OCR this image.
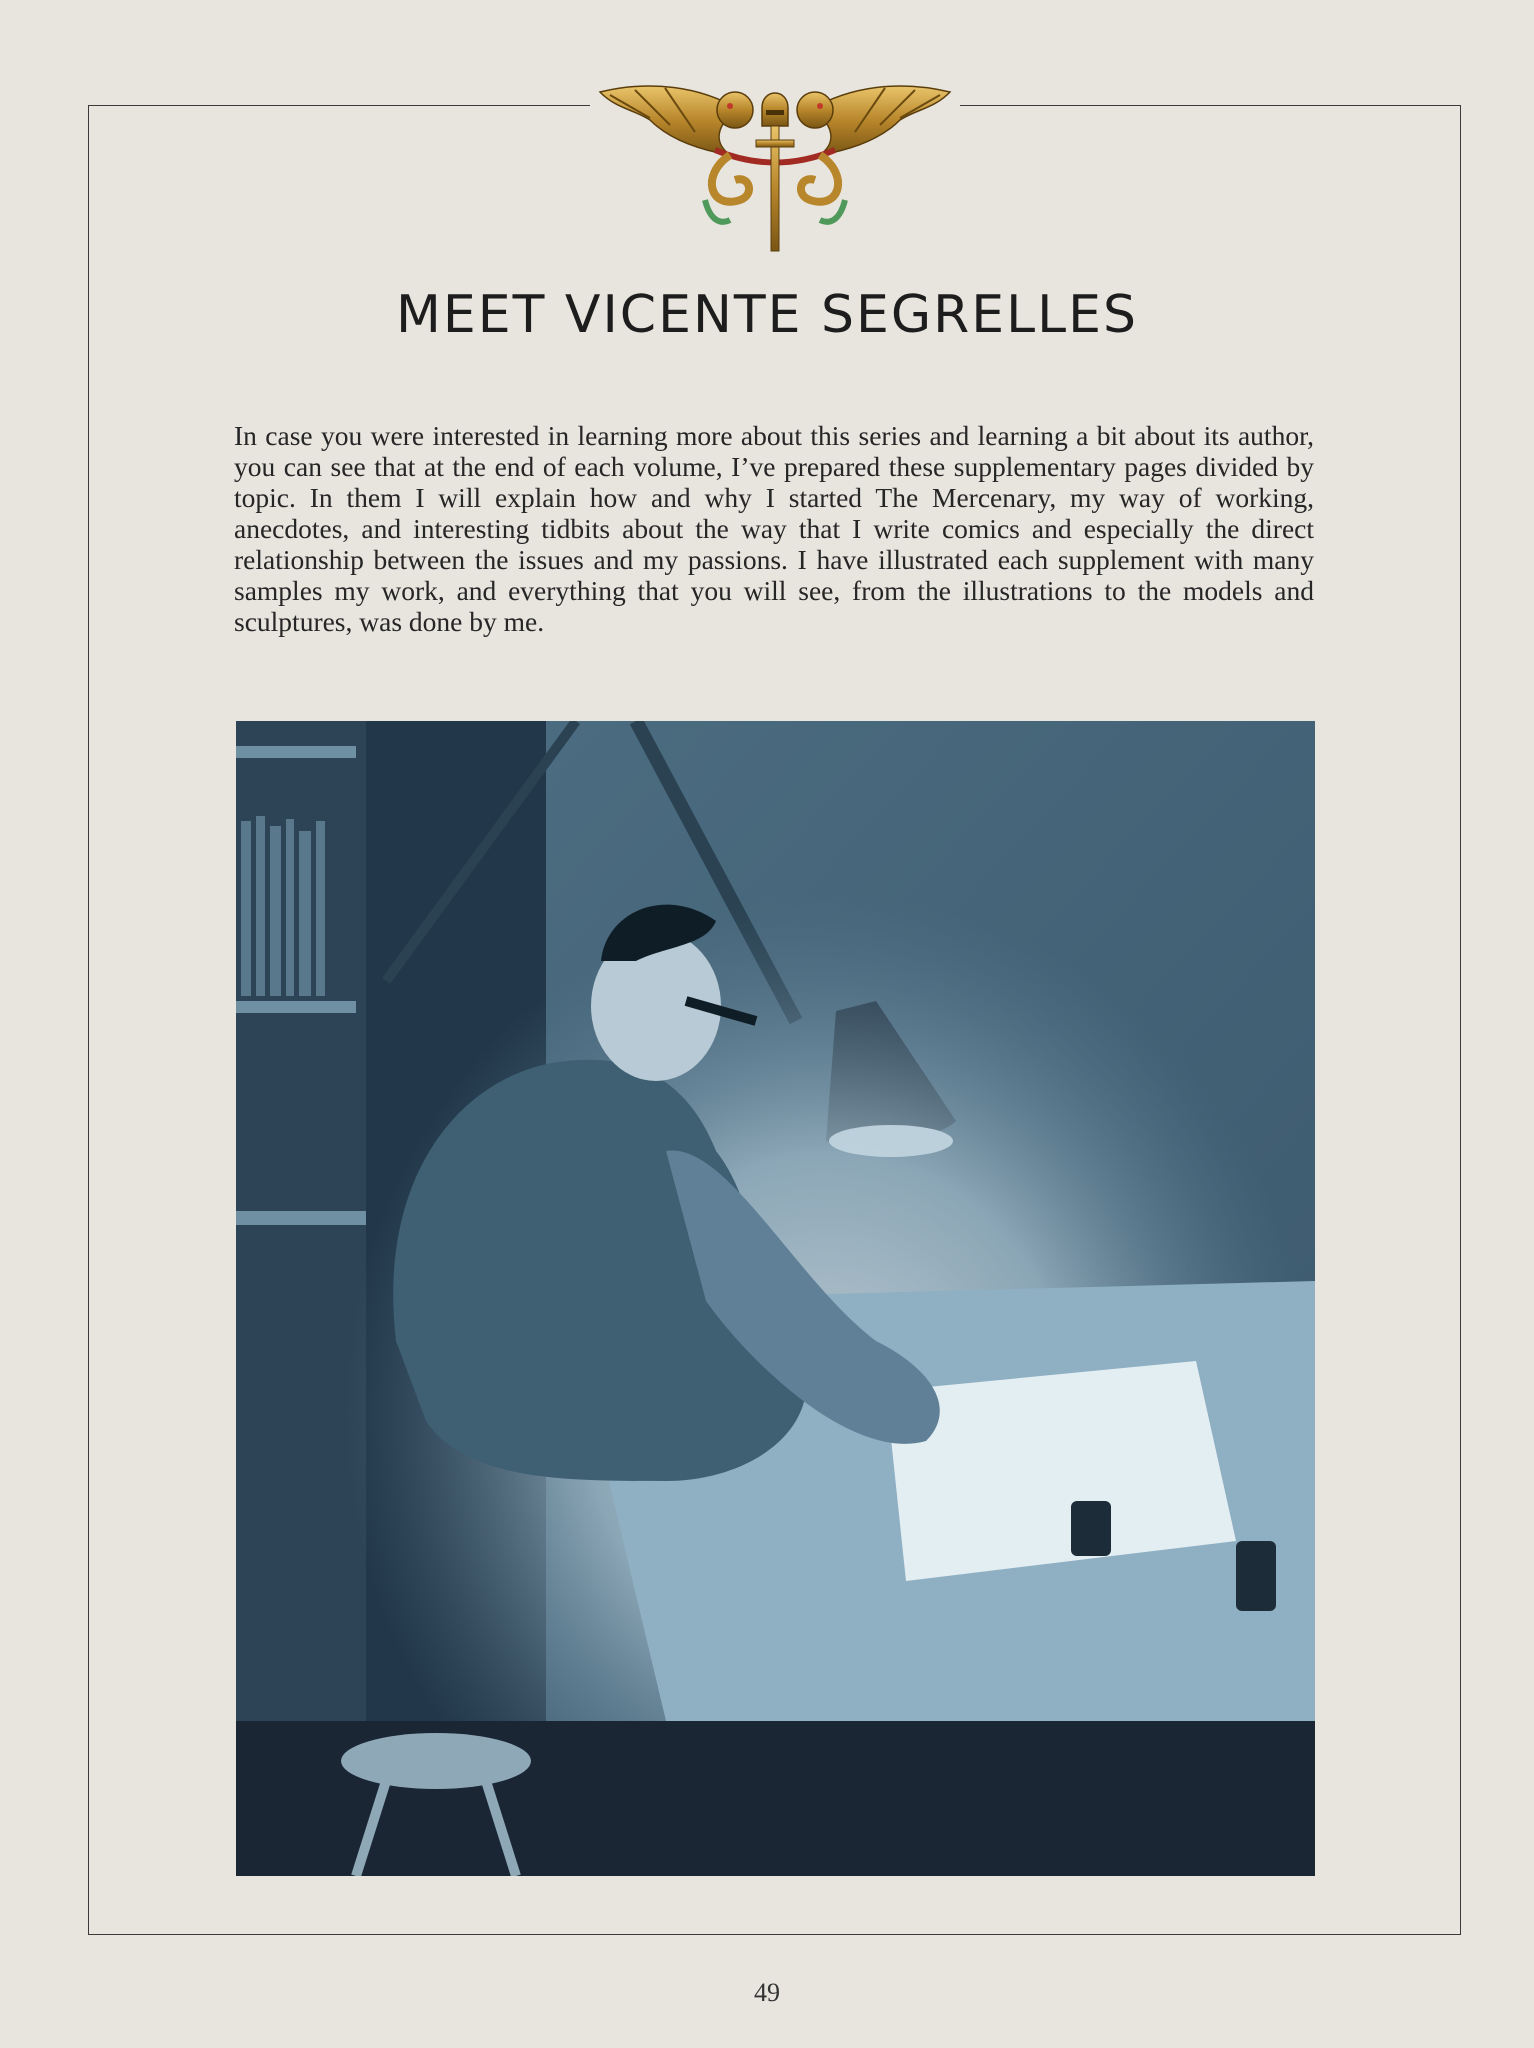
MEET VICENTE SEGRELLES

In case you were interested in learning more about this series and learning a bit about its author, you can see that at the end of each volume, I’ve prepared these supplementary pages divided by topic. In them I will explain how and why I started The Mercenary, my way of working, anecdotes, and interesting tidbits about the way that I write comics and especially the direct relationship between the issues and my passions. I have illustrated each supplement with many samples my work, and everything that you will see, from the illustrations to the models and sculptures, was done by me.

49
